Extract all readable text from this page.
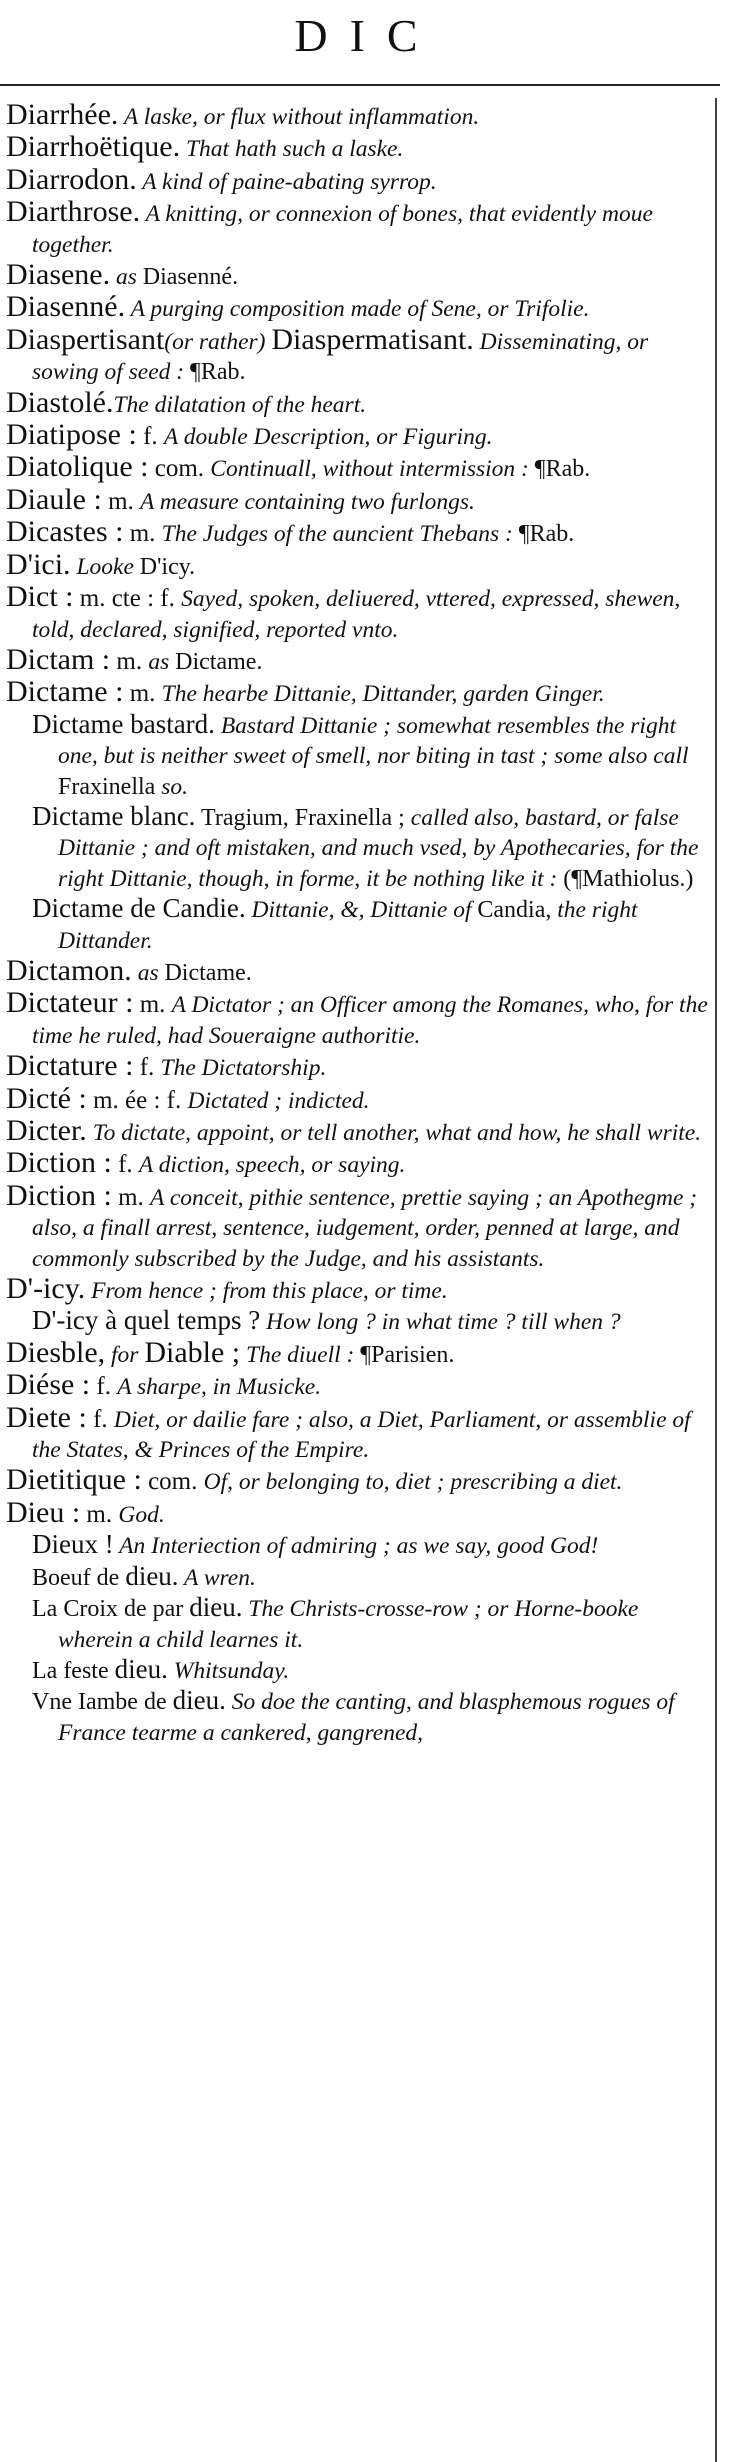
DIC
Diarrhée. A laske, or flux without inflammation.
Diarrhoëtique. That hath such a laske.
Diarrodon. A kind of paine-abating syrrop.
Diarthrose. A knitting, or connexion of bones, that evidently moue together.
Diasene. as Diasenné.
Diasenné. A purging composition made of Sene, or Trifolie.
Diaspertisant(or rather) Diaspermatisant. Disseminating, or sowing of seed : ¶Rab.
Diastolé.The dilatation of the heart.
Diatipose : f. A double Description, or Figuring.
Diatolique : com. Continuall, without intermission : ¶Rab.
Diaule : m. A measure containing two furlongs.
Dicastes : m. The Judges of the auncient Thebans : ¶Rab.
D'ici. Looke D'icy.
Dict : m. cte : f. Sayed, spoken, deliuered, vttered, expressed, shewen, told, declared, signified, reported vnto.
Dictam : m. as Dictame.
Dictame : m. The hearbe Dittanie, Dittander, garden Ginger.
Dictame bastard. Bastard Dittanie ; somewhat resembles the right one, but is neither sweet of smell, nor biting in tast ; some also call Fraxinella so.
Dictame blanc. Tragium, Fraxinella ; called also, bastard, or false Dittanie ; and oft mistaken, and much vsed, by Apothecaries, for the right Dittanie, though, in forme, it be nothing like it : (¶Mathiolus.)
Dictame de Candie. Dittanie, &, Dittanie of Candia, the right Dittander.
Dictamon. as Dictame.
Dictateur : m. A Dictator ; an Officer among the Romanes, who, for the time he ruled, had Soueraigne authoritie.
Dictature : f. The Dictatorship.
Dicté : m. ée : f. Dictated ; indicted.
Dicter. To dictate, appoint, or tell another, what and how, he shall write.
Diction : f. A diction, speech, or saying.
Diction : m. A conceit, pithie sentence, prettie saying ; an Apothegme ; also, a finall arrest, sentence, iudgement, order, penned at large, and commonly subscribed by the Judge, and his assistants.
D'-icy. From hence ; from this place, or time.
D'-icy à quel temps ? How long ? in what time ? till when ?
Diesble, for Diable ; The diuell : ¶Parisien.
Diése : f. A sharpe, in Musicke.
Diete : f. Diet, or dailie fare ; also, a Diet, Parliament, or assemblie of the States, & Princes of the Empire.
Dietitique : com. Of, or belonging to, diet ; prescribing a diet.
Dieu : m. God.
Dieux ! An Interiection of admiring ; as we say, good God!
Boeuf de dieu. A wren.
La Croix de par dieu. The Christs-crosse-row ; or Horne-booke wherein a child learnes it.
La feste dieu. Whitsunday.
Vne Iambe de dieu. So doe the canting, and blasphemous rogues of France tearme a cankered, gangrened,
